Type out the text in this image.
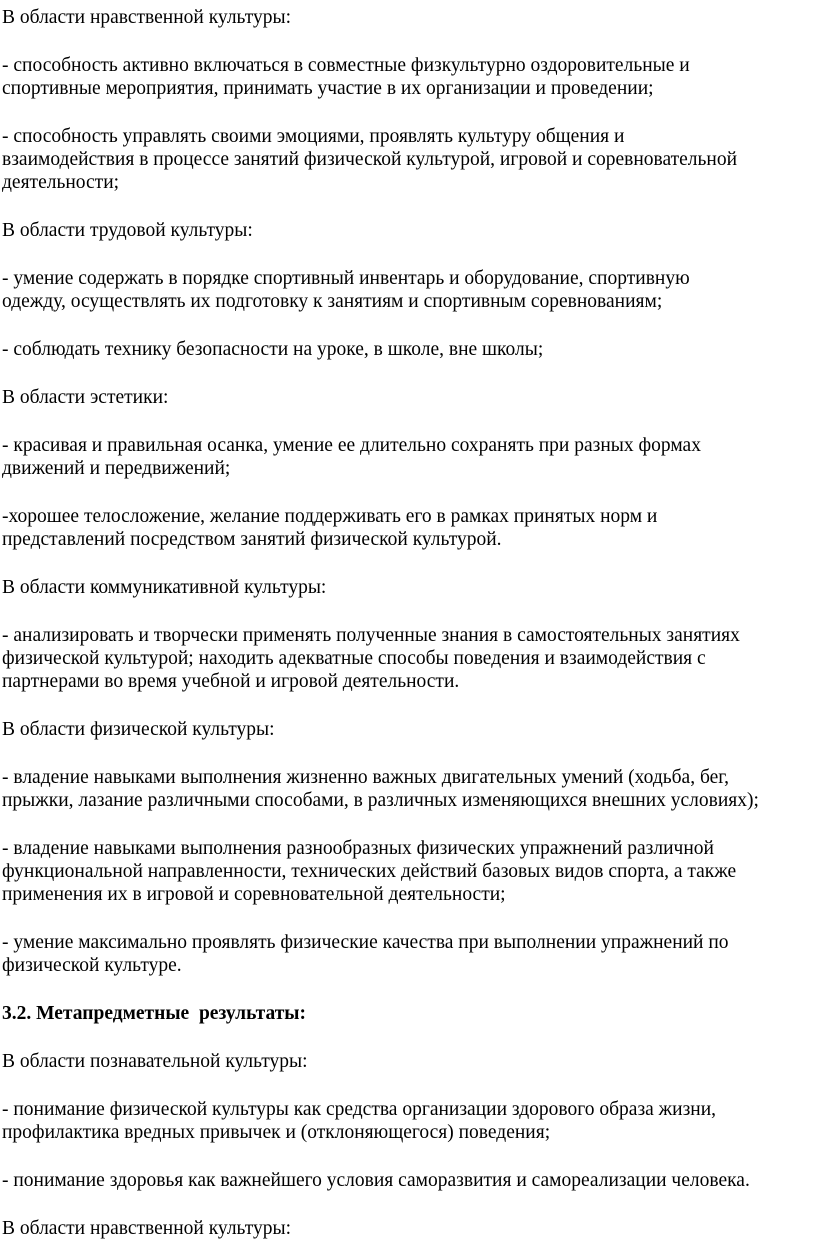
В области нравственной культуры:

- способность активно включаться в совместные физкультурно оздоровительные и
спортивные мероприятия, принимать участие в их организации и проведении;

- способность управлять своими эмоциями, проявлять культуру общения и
взаимодействия в процессе занятий физической культурой, игровой и соревновательной
деятельности;

В области трудовой культуры:

- умение содержать в порядке спортивный инвентарь и оборудование, спортивную
одежду, осуществлять их подготовку к занятиям и спортивным соревнованиям;

- соблюдать технику безопасности на уроке, в школе, вне школы;

В области эстетики:

- красивая и правильная осанка, умение ее длительно сохранять при разных формах
движений и передвижений;

-хорошее телосложение, желание поддерживать его в рамках принятых норм и
представлений посредством занятий физической культурой.

В области коммуникативной культуры:

- анализировать и творчески применять полученные знания в самостоятельных занятиях
физической культурой; находить адекватные способы поведения и взаимодействия с
партнерами во время учебной и игровой деятельности.

В области физической культуры:

- владение навыками выполнения жизненно важных двигательных умений (ходьба, бег,
прыжки, лазание различными способами, в различных изменяющихся внешних условиях);

- владение навыками выполнения разнообразных физических упражнений различной
функциональной направленности, технических действий базовых видов спорта, а также
применения их в игровой и соревновательной деятельности;

- умение максимально проявлять физические качества при выполнении упражнений по
физической культуре.

3.2. Метапредметные  результаты:

В области познавательной культуры:

- понимание физической культуры как средства организации здорового образа жизни,
профилактика вредных привычек и (отклоняющегося) поведения;

- понимание здоровья как важнейшего условия саморазвития и самореализации человека.

В области нравственной культуры:
